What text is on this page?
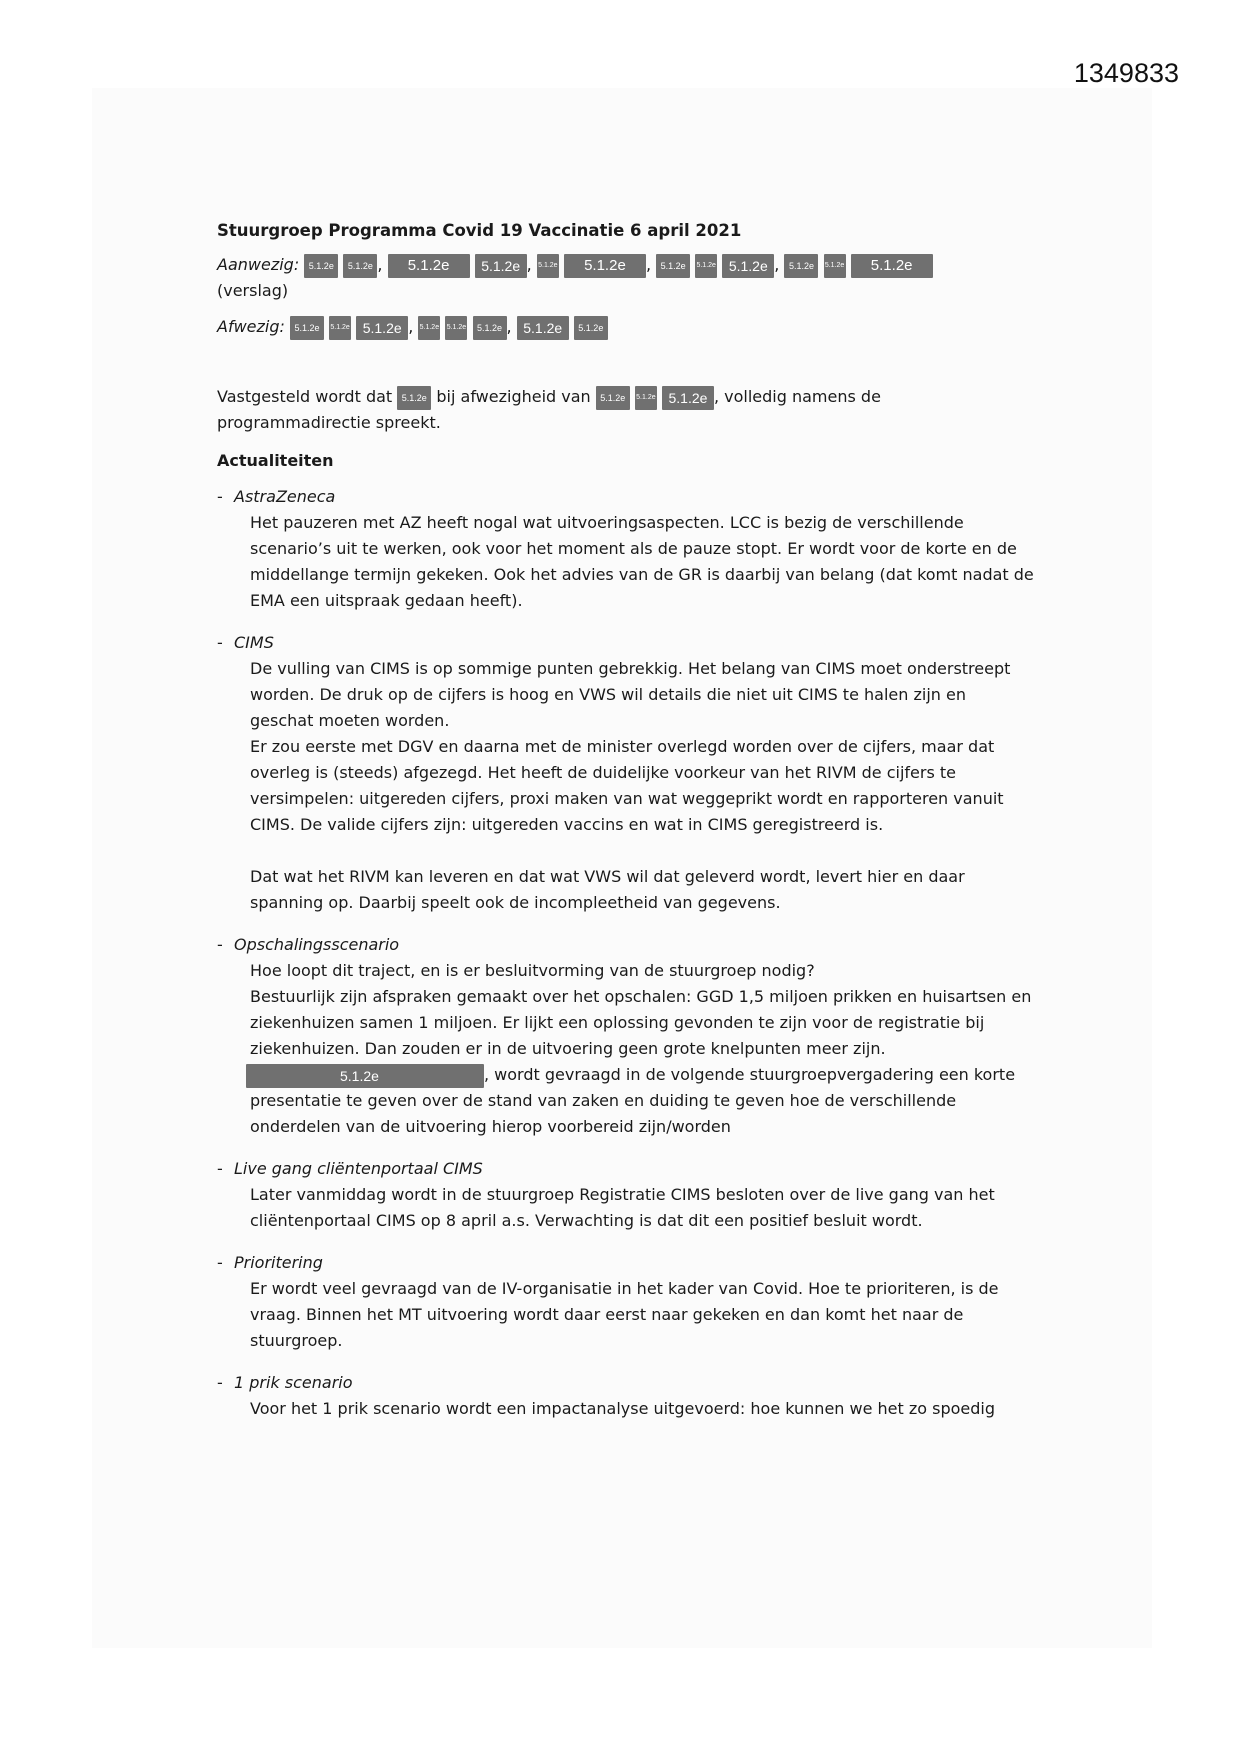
1349833

Stuurgroep Programma Covid 19 Vaccinatie 6 april 2021

Aanwezig: 5.1.2e 5.1.2e , 5.1.2e 5.1.2e , 5.1.2e 5.1.2e , 5.1.2e 5.1.2e 5.1.2e , 5.1.2e 5.1.2e 5.1.2e

(verslag)

Afwezig: 5.1.2e 5.1.2e 5.1.2e , 5.1.2e 5.1.2e 5.1.2e , 5.1.2e 5.1.2e

Vastgesteld wordt dat 5.1.2e bij afwezigheid van 5.1.2e 5.1.2e 5.1.2e , volledig namens de
programmadirectie spreekt.

Actualiteiten

- AstraZeneca

Het pauzeren met AZ heeft nogal wat uitvoeringsaspecten. LCC is bezig de verschillende
scenario’s uit te werken, ook voor het moment als de pauze stopt. Er wordt voor de korte en de
middellange termijn gekeken. Ook het advies van de GR is daarbij van belang (dat komt nadat de
EMA een uitspraak gedaan heeft).

- CIMS

De vulling van CIMS is op sommige punten gebrekkig. Het belang van CIMS moet onderstreept
worden. De druk op de cijfers is hoog en VWS wil details die niet uit CIMS te halen zijn en
geschat moeten worden.
Er zou eerste met DGV en daarna met de minister overlegd worden over de cijfers, maar dat
overleg is (steeds) afgezegd. Het heeft de duidelijke voorkeur van het RIVM de cijfers te
versimpelen: uitgereden cijfers, proxi maken van wat weggeprikt wordt en rapporteren vanuit
CIMS. De valide cijfers zijn: uitgereden vaccins en wat in CIMS geregistreerd is.

Dat wat het RIVM kan leveren en dat wat VWS wil dat geleverd wordt, levert hier en daar
spanning op. Daarbij speelt ook de incompleetheid van gegevens.

- Opschalingsscenario

Hoe loopt dit traject, en is er besluitvorming van de stuurgroep nodig?
Bestuurlijk zijn afspraken gemaakt over het opschalen: GGD 1,5 miljoen prikken en huisartsen en
ziekenhuizen samen 1 miljoen. Er lijkt een oplossing gevonden te zijn voor de registratie bij
ziekenhuizen. Dan zouden er in de uitvoering geen grote knelpunten meer zijn.

5.1.2e	, wordt gevraagd in de volgende stuurgroepvergadering een korte

presentatie te geven over de stand van zaken en duiding te geven hoe de verschillende
onderdelen van de uitvoering hierop voorbereid zijn/worden

- Live gang cliëntenportaal CIMS

Later vanmiddag wordt in de stuurgroep Registratie CIMS besloten over de live gang van het
cliëntenportaal CIMS op 8 april a.s. Verwachting is dat dit een positief besluit wordt.

- Prioritering

Er wordt veel gevraagd van de IV-organisatie in het kader van Covid. Hoe te prioriteren, is de
vraag. Binnen het MT uitvoering wordt daar eerst naar gekeken en dan komt het naar de
stuurgroep.

- 1 prik scenario

Voor het 1 prik scenario wordt een impactanalyse uitgevoerd: hoe kunnen we het zo spoedig
